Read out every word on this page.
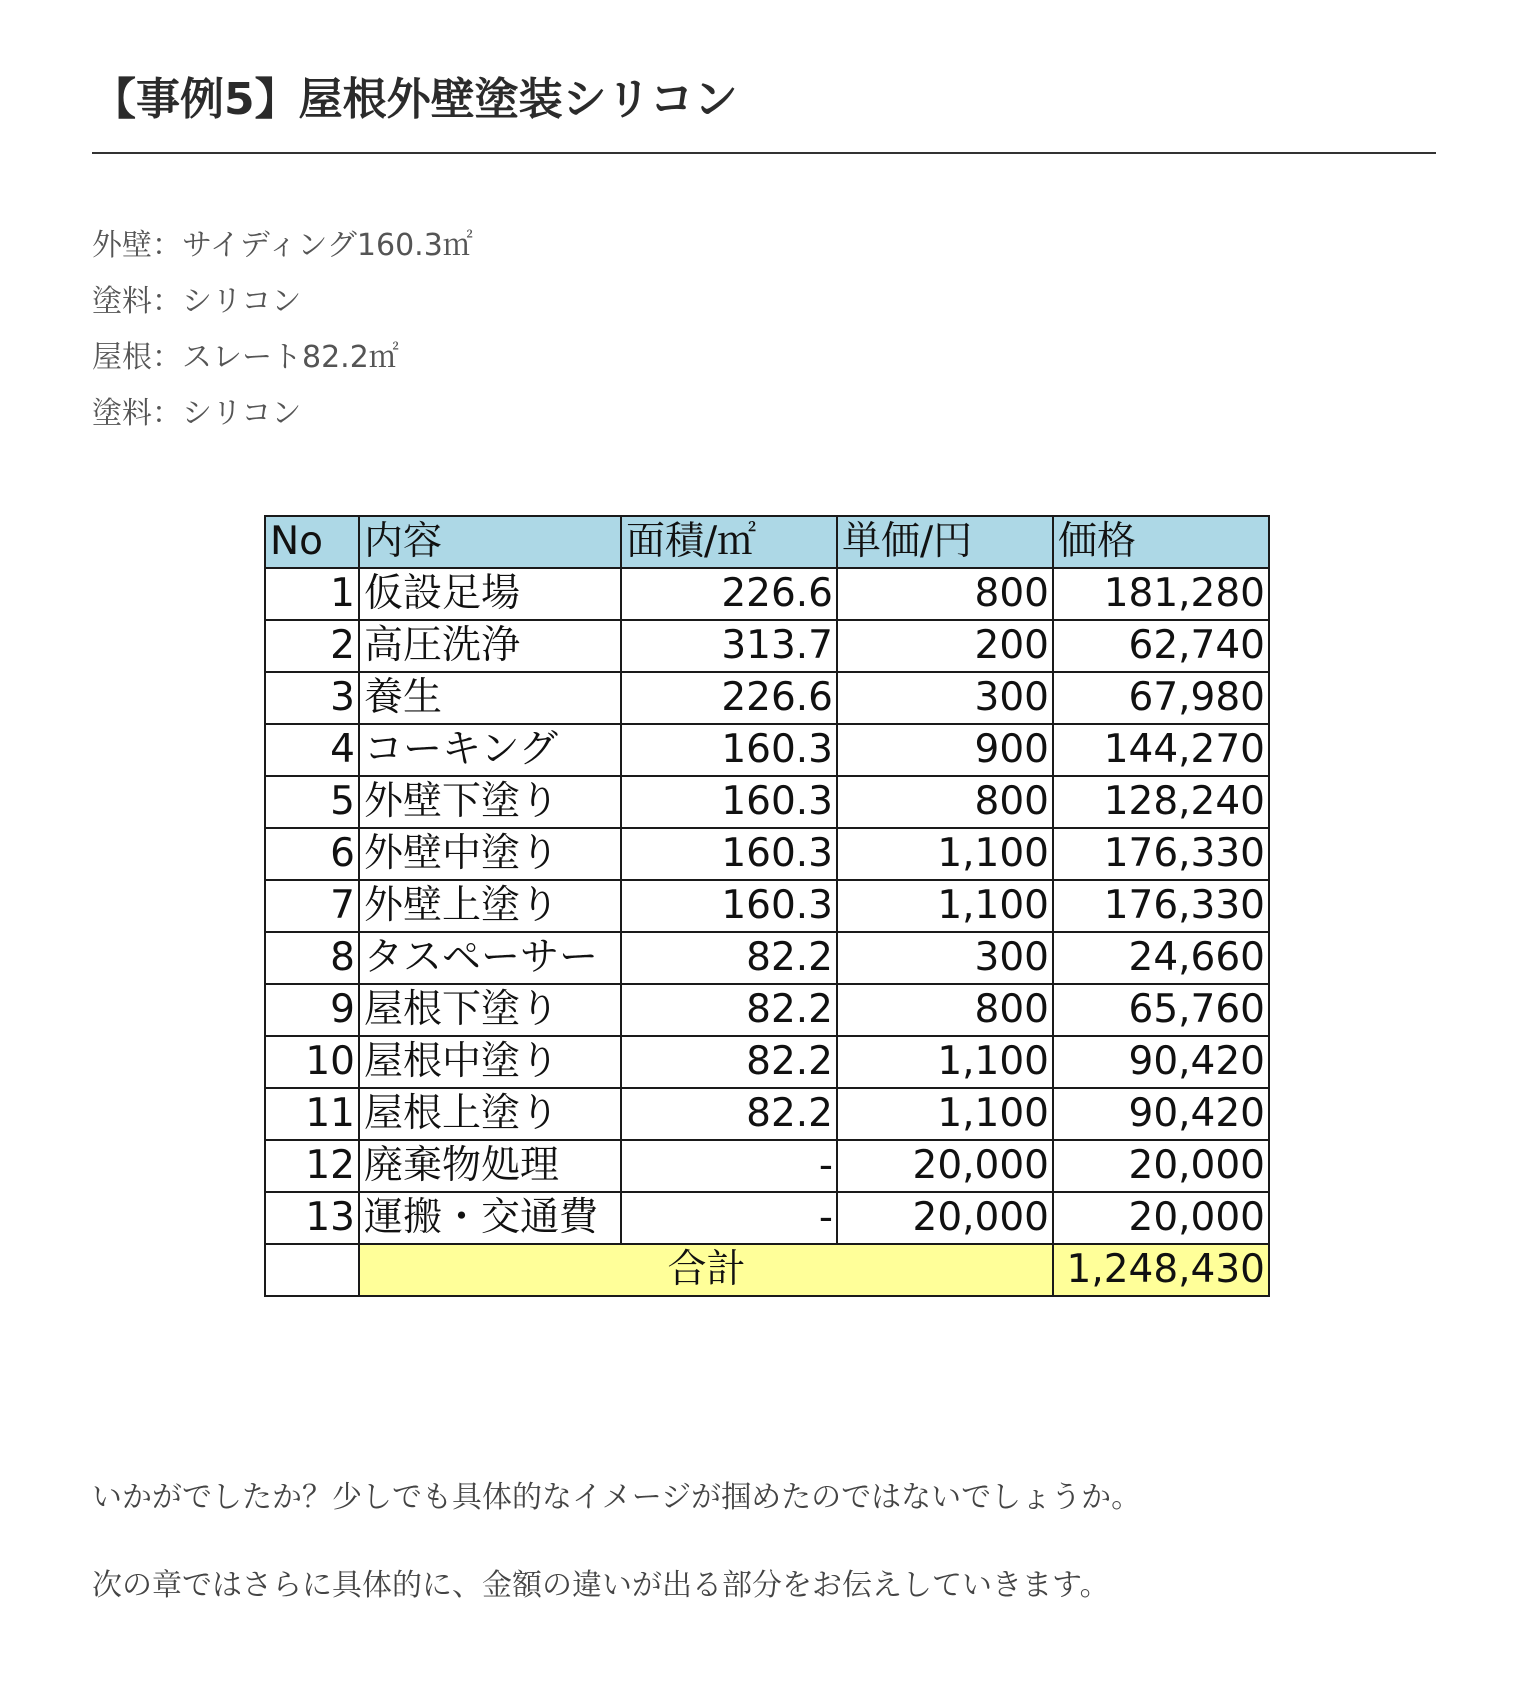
【事例5】屋根外壁塗装シリコン
外壁：サイディング160.3㎡
塗料：シリコン
屋根：スレート82.2㎡
塗料：シリコン
No	内容	面積/㎡	単価/円	価格
1	仮設足場	226.6	800	181,280
2	高圧洗浄	313.7	200	62,740
3	養生	226.6	300	67,980
4	コーキング	160.3	900	144,270
5	外壁下塗り	160.3	800	128,240
6	外壁中塗り	160.3	1,100	176,330
7	外壁上塗り	160.3	1,100	176,330
8	タスペーサー	82.2	300	24,660
9	屋根下塗り	82.2	800	65,760
10	屋根中塗り	82.2	1,100	90,420
11	屋根上塗り	82.2	1,100	90,420
12	廃棄物処理	-	20,000	20,000
13	運搬・交通費	-	20,000	20,000
	合計			1,248,430

いかがでしたか？少しでも具体的なイメージが掴めたのではないでしょうか。

次の章ではさらに具体的に、金額の違いが出る部分をお伝えしていきます。
